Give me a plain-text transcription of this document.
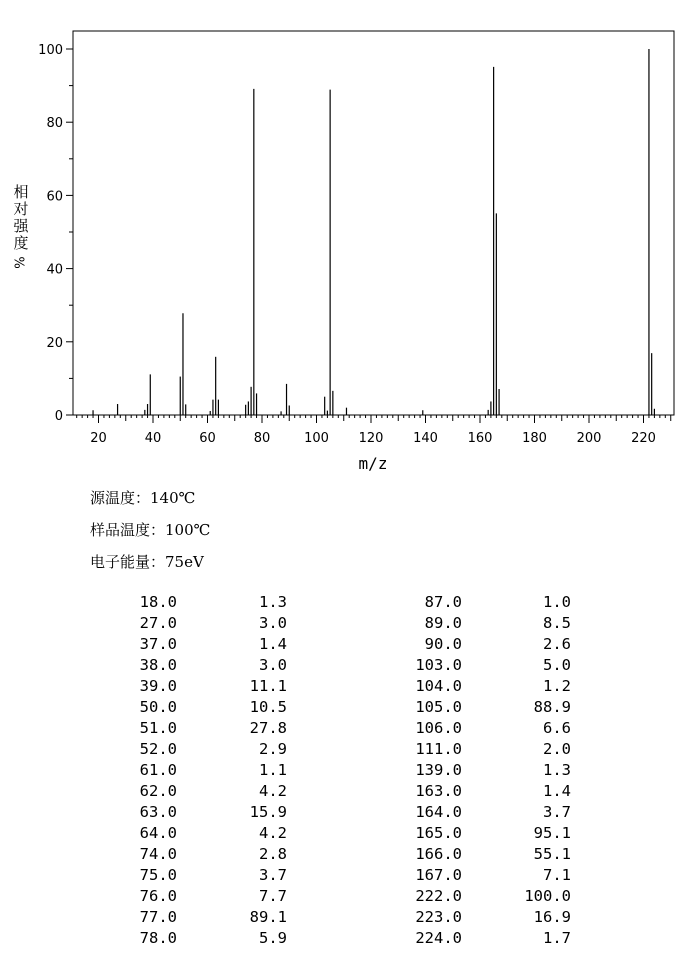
0
20
40
60
80
100
20	40	60	80	100 120 140 160 180 200 220
m/z
相
对
强
度
%
源温度：140℃
样品温度：100℃
电子能量：75eV
18.0	1.3	87.0	1.0
27.0	3.0	89.0	8.5
37.0	1.4	90.0	2.6
38.0	3.0	103.0	5.0
39.0	11.1	104.0	1.2
50.0	10.5	105.0	88.9
51.0	27.8	106.0	6.6
52.0	2.9	111.0	2.0
61.0	1.1	139.0	1.3
62.0	4.2	163.0	1.4
63.0	15.9	164.0	3.7
64.0	4.2	165.0	95.1
74.0	2.8	166.0	55.1
75.0	3.7	167.0	7.1
76.0	7.7	222.0	100.0
77.0	89.1	223.0	16.9
78.0	5.9	224.0	1.7
